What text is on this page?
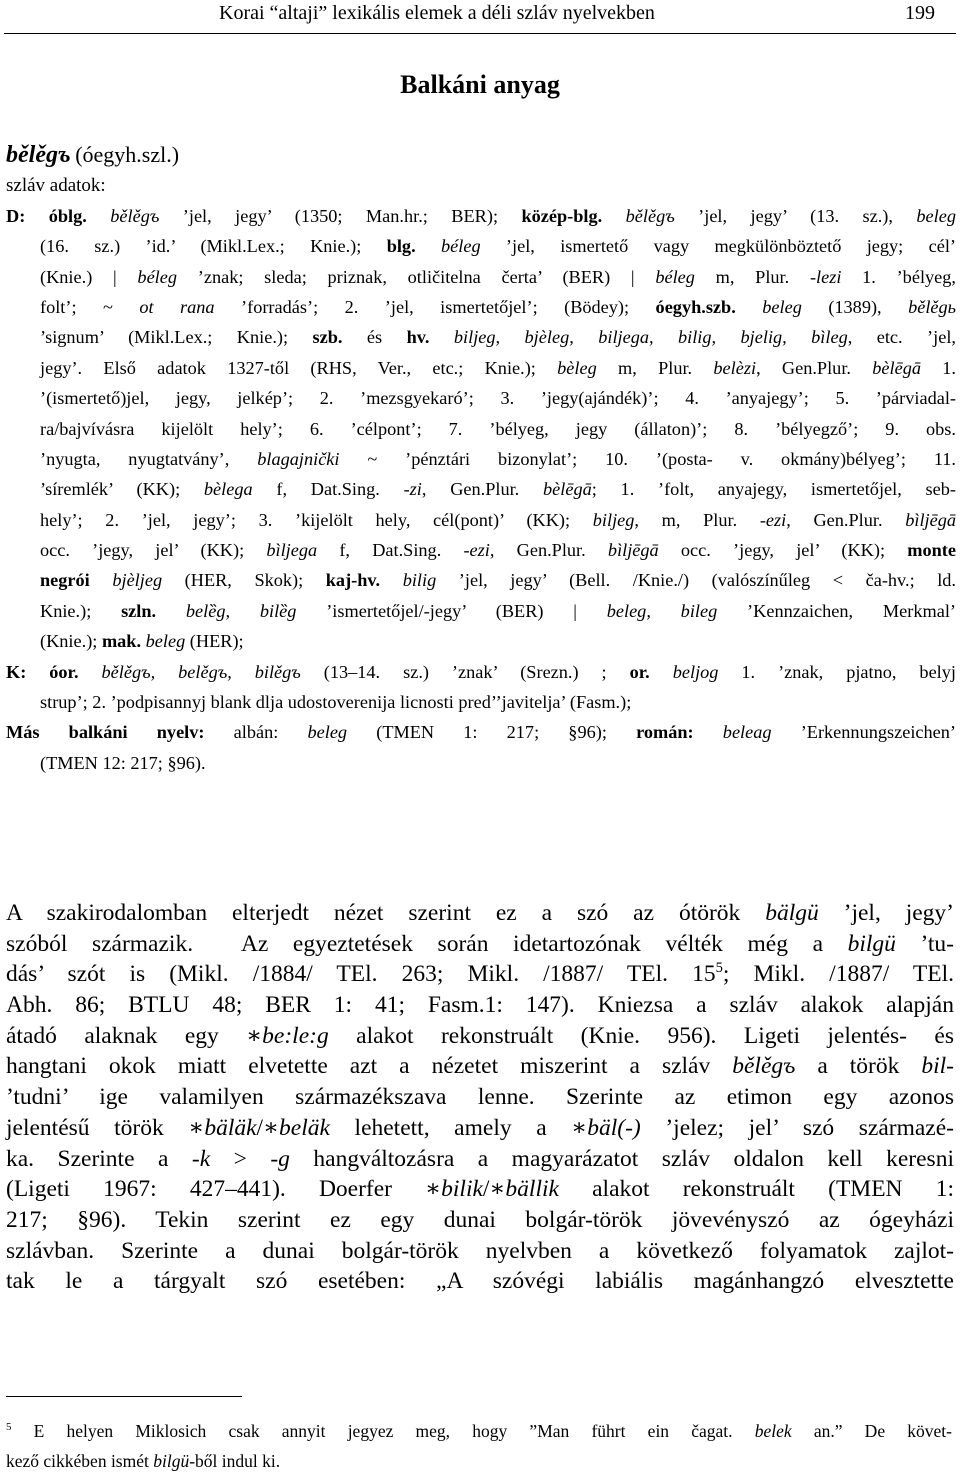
Korai “altaji” lexikális elemek a déli szláv nyelvekben	199
Balkáni anyag
bělěgъ (óegyh.szl.)
szláv adatok:
D: óblg. bělěgъ ’jel, jegy’ (1350; Man.hr.; BER); közép-blg. bělěgъ ’jel, jegy’ (13. sz.), beleg
(16. sz.) ’id.’ (Mikl.Lex.; Knie.); blg. béleg ’jel, ismertető vagy megkülönböztető jegy; cél’
(Knie.) | béleg ’znak; sleda; priznak, otličitelna čerta’ (BER) | béleg m, Plur. -lezi 1. ’bélyeg,
folt’; ~ ot rana ’forradás’; 2. ’jel, ismertetőjel’; (Bödey); óegyh.szb. beleg (1389), bělěgь
’signum’ (Mikl.Lex.; Knie.); szb. és hv. biljeg, bjèleg, biljega, bilig, bjelig, bìleg, etc. ’jel,
jegy’. Első adatok 1327-től (RHS, Ver., etc.; Knie.); bèleg m, Plur. belèzi, Gen.Plur. bèlēgā 1.
’(ismertető)jel, jegy, jelkép’; 2. ’mezsgyekaró’; 3. ’jegy(ajándék)’; 4. ’anyajegy’; 5. ’párviadal-
ra/bajvívásra kijelölt hely’; 6. ’célpont’; 7. ’bélyeg, jegy (állaton)’; 8. ’bélyegző’; 9. obs.
’nyugta, nyugtatvány’, blagajnički ~ ’pénztári bizonylat’; 10. ’(posta- v. okmány)bélyeg’; 11.
’síremlék’ (KK); bèlega f, Dat.Sing. -zi, Gen.Plur. bèlēgā; 1. ’folt, anyajegy, ismertetőjel, seb-
hely’; 2. ’jel, jegy’; 3. ’kijelölt hely, cél(pont)’ (KK); biljeg, m, Plur. -ezi, Gen.Plur. bìljēgā
occ. ’jegy, jel’ (KK); bìljega f, Dat.Sing. -ezi, Gen.Plur. bìljēgā occ. ’jegy, jel’ (KK); monte
negrói bjèljeg (HER, Skok); kaj-hv. bilig ’jel, jegy’ (Bell. /Knie./) (valószínűleg < ča-hv.; ld.
Knie.); szln. belȅg, bilȅg ’ismertetőjel/-jegy’ (BER) | beleg, bileg ’Kennzaichen, Merkmal’
(Knie.); mak. beleg (HER);
K: óor. bělěgъ, belěgъ, bilěgъ (13–14. sz.) ’znak’ (Srezn.) ; or. beljog 1. ’znak, pjatno, belyj
strup’; 2. ’podpisannyj blank dlja udostoverenija licnosti pred’’javitelja’ (Fasm.);
Más balkáni nyelv: albán: beleg (TMEN 1: 217; §96); román: beleag ’Erkennungszeichen’
(TMEN 12: 217; §96).
A szakirodalomban elterjedt nézet szerint ez a szó az ótörök bälgü ’jel, jegy’
szóból származik.  Az egyeztetések során idetartozónak vélték még a bilgü ’tu-
dás’ szót is (Mikl. /1884/ TEl. 263; Mikl. /1887/ TEl. $15^5$; Mikl. /1887/ TEl.
Abh. 86; BTLU 48; BER 1: 41; Fasm.1: 147). Kniezsa a szláv alakok alapján
átadó alaknak egy ∗be:le:g alakot rekonstruált (Knie. 956). Ligeti jelentés- és
hangtani okok miatt elvetette azt a nézetet miszerint a szláv bělěgъ a török bil-
’tudni’ ige valamilyen származékszava lenne. Szerinte az etimon egy azonos
jelentésű török ∗bäläk/∗beläk lehetett, amely a ∗bäl(-) ’jelez; jel’ szó származé-
ka. Szerinte a -k > -g hangváltozásra a magyarázatot szláv oldalon kell keresni
(Ligeti 1967: 427–441). Doerfer ∗bilik/∗bällik alakot rekonstruált (TMEN 1:
217; §96). Tekin szerint ez egy dunai bolgár-török jövevényszó az ógeyházi
szlávban. Szerinte a dunai bolgár-török nyelvben a következő folyamatok zajlot-
tak le a tárgyalt szó esetében: „A szóvégi labiális magánhangzó elvesztette
$^5$ E helyen Miklosich csak annyit jegyez meg, hogy ”Man führt ein čagat. belek an.” De követ-
kező cikkében ismét bilgü-ből indul ki.
